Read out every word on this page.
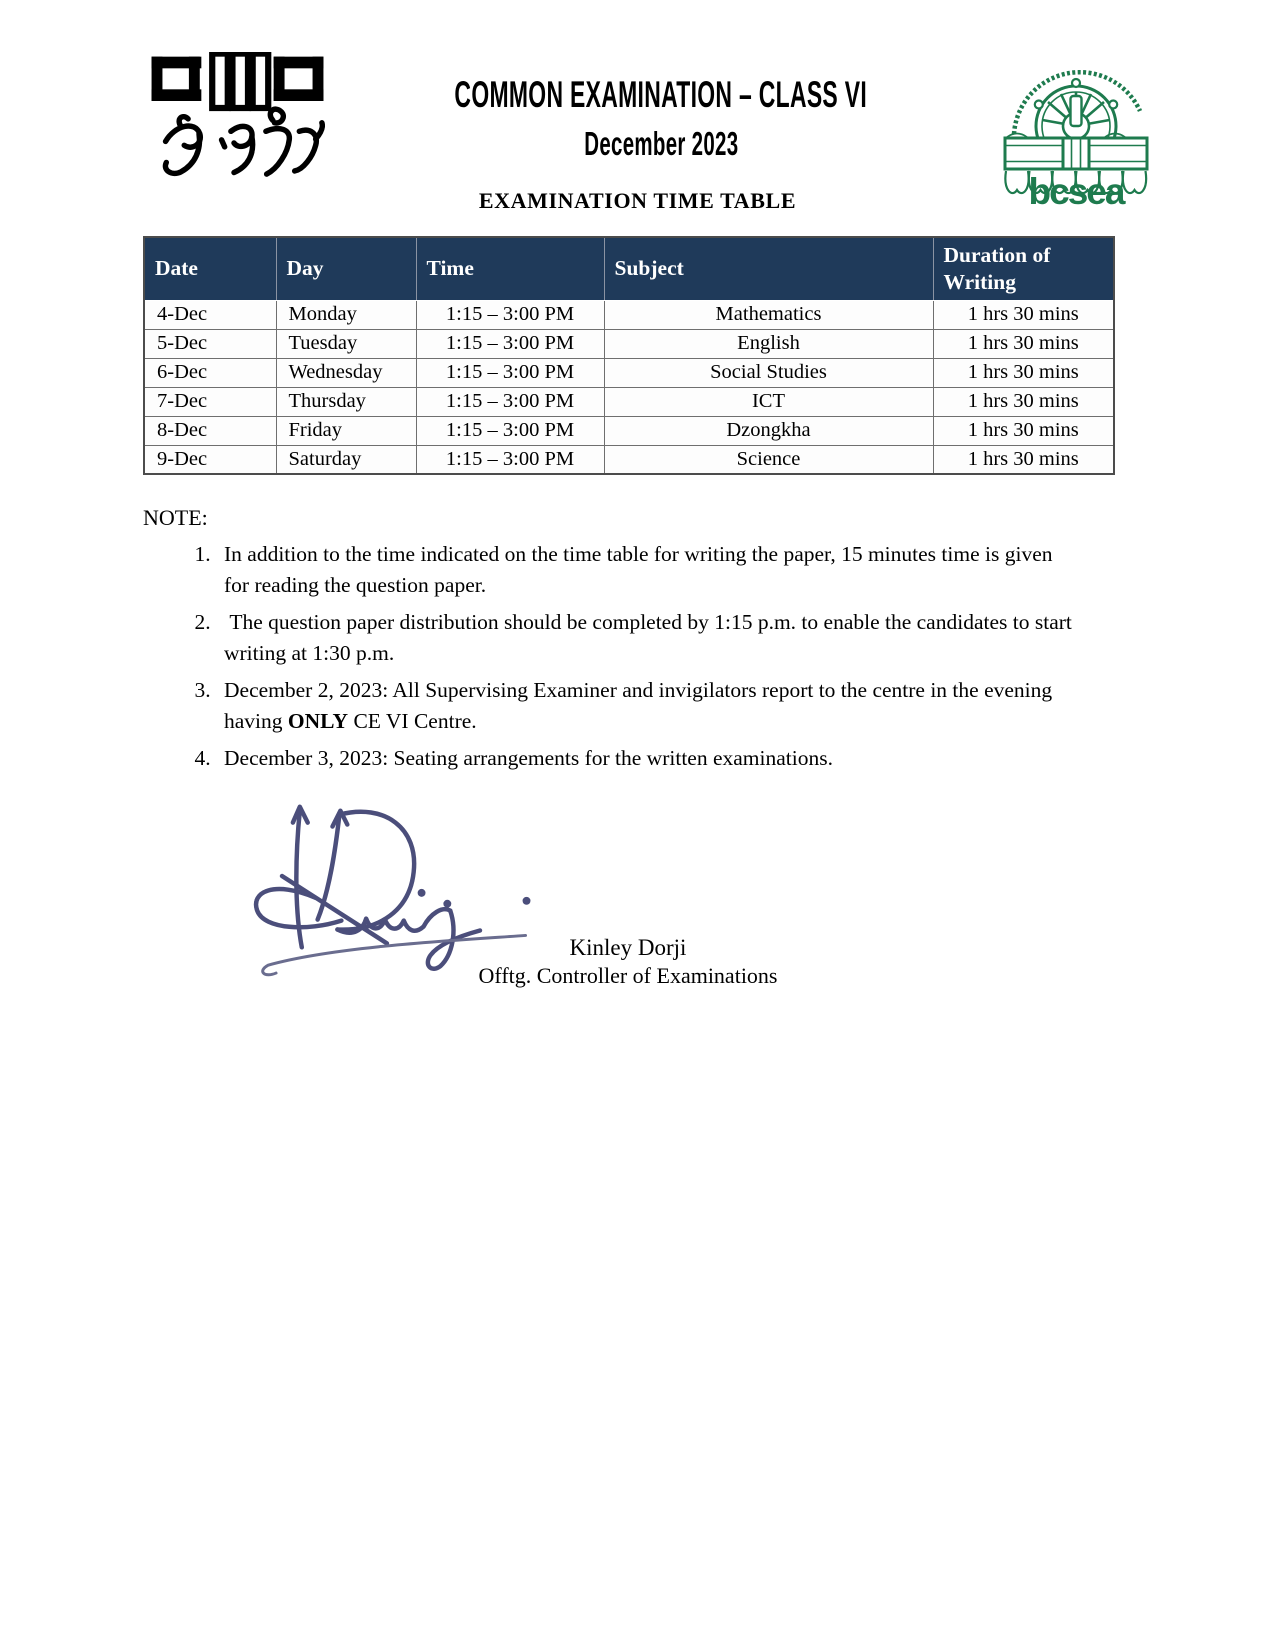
COMMON EXAMINATION – CLASS VI
December 2023
bcsea
EXAMINATION TIME TABLE
Date	Day	Time	Subject	Duration of Writing
4-Dec	Monday	1:15 – 3:00 PM	Mathematics	1 hrs 30 mins
5-Dec	Tuesday	1:15 – 3:00 PM	English	1 hrs 30 mins
6-Dec	Wednesday	1:15 – 3:00 PM	Social Studies	1 hrs 30 mins
7-Dec	Thursday	1:15 – 3:00 PM	ICT	1 hrs 30 mins
8-Dec	Friday	1:15 – 3:00 PM	Dzongkha	1 hrs 30 mins
9-Dec	Saturday	1:15 – 3:00 PM	Science	1 hrs 30 mins
NOTE:
1. In addition to the time indicated on the time table for writing the paper, 15 minutes time is given for reading the question paper.
2.  The question paper distribution should be completed by 1:15 p.m. to enable the candidates to start writing at 1:30 p.m.
3. December 2, 2023: All Supervising Examiner and invigilators report to the centre in the evening having ONLY CE VI Centre.
4. December 3, 2023: Seating arrangements for the written examinations.
Kinley Dorji
Offtg. Controller of Examinations
